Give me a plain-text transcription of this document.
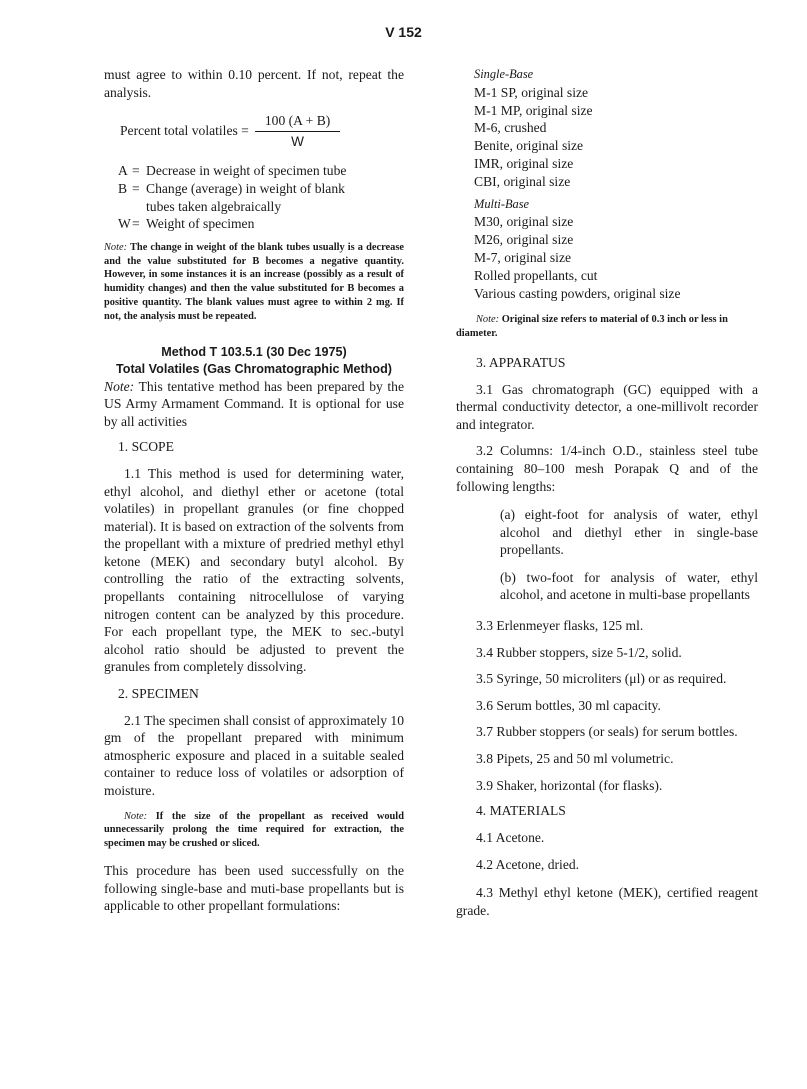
V 152

must agree to within 0.10 percent. If not, repeat the analysis.

Percent total volatiles = $\frac{100 (A + B)}{W}$
A = Decrease in weight of specimen tube
B = Change (average) in weight of blank
tubes taken algebraically
W = Weight of specimen

Note: The change in weight of the blank tubes usually is a decrease and the value substituted for B becomes a negative quantity. However, in some instances it is an increase (possibly as a result of humidity changes) and then the value substituted for B becomes a positive quantity. The blank values must agree to within 2 mg. If not, the analysis must be repeated.

Method T 103.5.1 (30 Dec 1975)
Total Volatiles (Gas Chromatographic Method)

Note: This tentative method has been prepared by the US Army Armament Command. It is optional for use by all activities

1. SCOPE

1.1 This method is used for determining water, ethyl alcohol, and diethyl ether or acetone (total volatiles) in propellant granules (or fine chopped material). It is based on extraction of the solvents from the propellant with a mixture of predried methyl ethyl ketone (MEK) and secondary butyl alcohol. By controlling the ratio of the extracting solvents, propellants containing nitrocellulose of varying nitrogen content can be analyzed by this procedure. For each propellant type, the MEK to sec.-butyl alcohol ratio should be adjusted to prevent the granules from completely dissolving.

2. SPECIMEN

2.1 The specimen shall consist of approximately 10 gm of the propellant prepared with minimum atmospheric exposure and placed in a suitable sealed container to reduce loss of volatiles or adsorption of moisture.

Note: If the size of the propellant as received would unnecessarily prolong the time required for extraction, the specimen may be crushed or sliced.

This procedure has been used successfully on the following single-base and muti-base propellants but is applicable to other propellant formulations:

Single-Base

M-1 SP, original size

M-1 MP, original size

M-6, crushed

Benite, original size

IMR, original size

CBI, original size

Multi-Base

M30, original size

M26, original size

M-7, original size

Rolled propellants, cut

Various casting powders, original size

Note: Original size refers to material of 0.3 inch or less in diameter.

3. APPARATUS

3.1 Gas chromatograph (GC) equipped with a thermal conductivity detector, a one-millivolt recorder and integrator.

3.2 Columns: 1/4-inch O.D., stainless steel tube containing 80–100 mesh Porapak Q and of the following lengths:

(a) eight-foot for analysis of water, ethyl alcohol and diethyl ether in single-base propellants.

(b) two-foot for analysis of water, ethyl alcohol, and acetone in multi-base propellants

3.3 Erlenmeyer flasks, 125 ml.

3.4 Rubber stoppers, size 5-1/2, solid.

3.5 Syringe, 50 microliters (μl) or as required.

3.6 Serum bottles, 30 ml capacity.

3.7 Rubber stoppers (or seals) for serum bottles.

3.8 Pipets, 25 and 50 ml volumetric.

3.9 Shaker, horizontal (for flasks).

4. MATERIALS

4.1 Acetone.

4.2 Acetone, dried.

4.3 Methyl ethyl ketone (MEK), certified reagent grade.
